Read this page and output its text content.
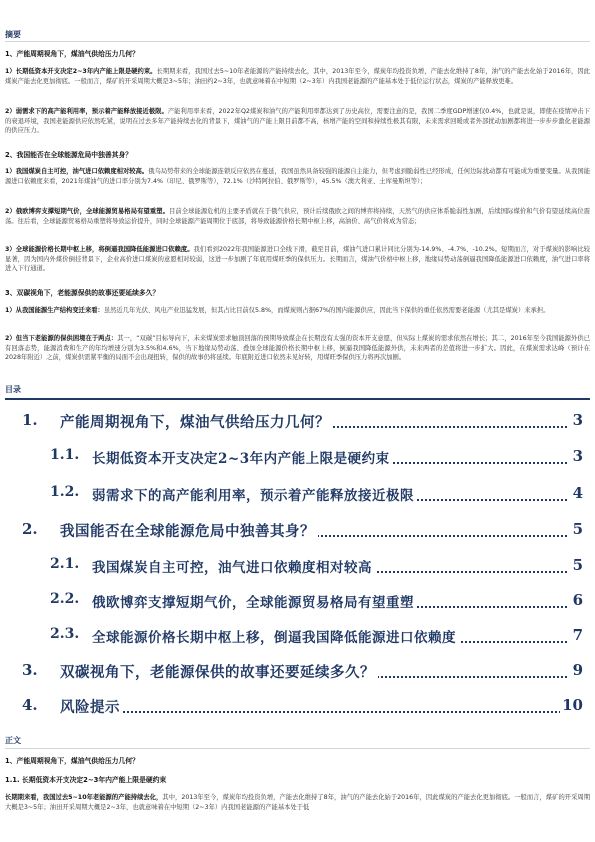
摘要
1、产能周期视角下，煤油气供给压力几何？
1）长期低资本开支决定2~3年内产能上限是硬约束。长期期来看，我国过去5~10年老能源的产能持续去化，其中，2013年至今，煤炭年均投资负增，产能去化维持了8年，油气的产能去化始于2016年，因此煤炭产能去化更加彻底。一般而言，煤矿的开采周期大概是3~5年；油田约2~3年，也就意味着在中短期（2~3年）内我国老能源的产能基本处于低位运行状态，煤炭的产能释放更难。
2）弱需求下的高产能利用率，预示着产能释放接近极限。产能利用率来看，2022年Q2煤炭和油气的产能利用率都达到了历史高位，需要注意的是，我国二季度GDP增速仅0.4%，也就是说，即使在疫情冲击下的衰退环境，我国老能源供应依然吃紧，说明在过去多年产能持续去化的背景下，煤油气的产能上限目前都不高，核增产能的空间和持续性极其有限，未来需求回暖或者外部扰动加剧都将进一步步步激化老能源的供应压力。
2、我国能否在全球能源危局中独善其身？
1）我国煤炭自主可控，油气进口依赖度相对较高。俄乌局势带来的全球能源连锁反应依然在蔓延，我国虽然具备较强的能源自主能力，但考虑到脆弱性已经形成，任何边际扰动都有可能成为重要变量。从我国能源进口依赖度来看，2021年煤油气的进口率分别为7.4%（印尼、俄罗斯等），72.1%（沙特阿拉伯、俄罗斯等），45.5%（澳大利亚、土库曼斯坦等）；
2）俄欧博弈支撑短期气价，全球能源贸易格局有望重塑。目前全球能源危机的主要矛盾就在于俄气供应，预计后续俄欧之间的博弈将持续，天然气的供应体系脆弱性加剧，后续国际煤价和气价有望延续高位震荡。往后看，全球能源贸易格局重塑将导致运价提升，同时全球能源产能周期位于底部，将导致能源价格长期中枢上移，高油价、高气价将成为常态；
3）全球能源价格长期中枢上移，将倒逼我国降低能源进口依赖度。我们看到2022年我国能源进口全线下滑，截至目前，煤油气进口累计同比分别为-14.9%、-4.7%、-10.2%。短期而言，对于煤炭的影响比较显著，因为国内外煤价倒挂背景下，企业高价进口煤炭的意愿相对较弱，这进一步加剧了年底用煤旺季的保供压力。长期而言，煤油气价格中枢上移，地缘局势动荡倒逼我国降低能源进口依赖度，油气进口率将进入下行通道。
3、双碳视角下，老能源保供的故事还要延续多久？
1）从我国能源生产结构变迁来看：虽然近几年光伏、风电产业迅猛发展，但其占比目前仅5.8%，而煤炭则占据67%的国内能源供应，因此当下保供的重任依然需要老能源（尤其是煤炭）来承担。
2）但当下老能源的保供困境在于两点：其一，“双碳”目标导向下，未来煤炭需求触顶回落的预期导致煤企在长期没有太强的资本开支意愿，但实际上煤炭的需求依然在增长；其二，2016年至今我国能源外供已有回落态势，能源消费和生产的年均增速分别为3.5%和4.6%，当下地缘局势动荡、叠加全球能源价格长期中枢上移，倒逼我国降低能源外供，未来两者的差值将进一步扩大。因此，在煤炭需求达峰（预计在2028年附近）之前，煤炭供需紧平衡的局面不会出现扭转，保供的故事仍将延续。年底附近进口依然未见好转，用煤旺季保供压力将再次加剧。
目录
1. 产能周期视角下，煤油气供给压力几何？	3
1.1. 长期低资本开支决定2~3年内产能上限是硬约束	3
1.2. 弱需求下的高产能利用率，预示着产能释放接近极限	4
2. 我国能否在全球能源危局中独善其身？	5
2.1. 我国煤炭自主可控，油气进口依赖度相对较高	5
2.2. 俄欧博弈支撑短期气价，全球能源贸易格局有望重塑	6
2.3. 全球能源价格长期中枢上移，倒逼我国降低能源进口依赖度	7
3. 双碳视角下，老能源保供的故事还要延续多久？	9
4. 风险提示	10
正文
1、产能周期视角下，煤油气供给压力几何？
1.1. 长期低资本开支决定2~3年内产能上限是硬约束
长期期来看，我国过去5~10年老能源的产能持续去化，其中，2013年至今，煤炭年均投资负增，产能去化维持了8年，油气的产能去化始于2016年，因此煤炭的产能去化更加彻底。一般而言，煤矿的开采周期大概是3~5年；油田开采周期大概是2~3年，也就意味着在中短期（2~3年）内我国老能源的产能基本处于低
